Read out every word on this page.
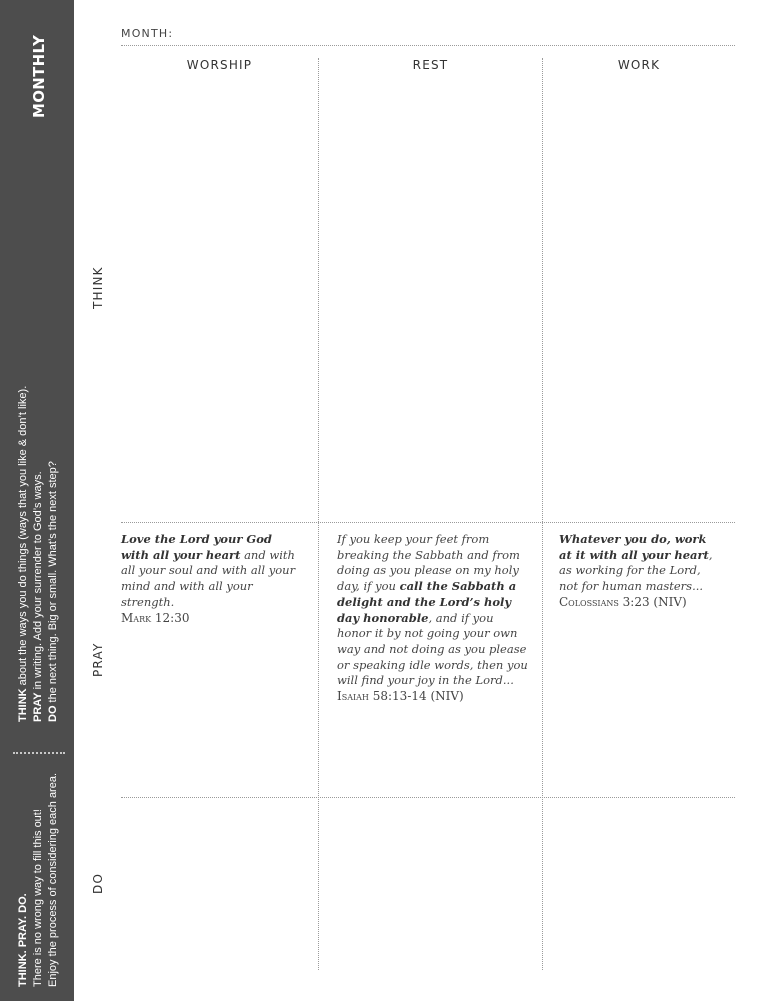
MONTHLY
THINK about the ways you do things (ways that you like & don’t like).
PRAY in writing. Add your surrender to God’s ways.
DO the next thing. Big or small. What’s the next step?
THINK. PRAY. DO. There is no wrong way to fill this out! Enjoy the process of considering each area.
MONTH:
WORSHIP	REST	WORK
THINK
PRAY
DO
Love the Lord your God with all your heart and with all your soul and with all your mind and with all your strength.
Mark 12:30
If you keep your feet from breaking the Sabbath and from doing as you please on my holy day, if you call the Sabbath a delight and the Lord’s holy day honorable, and if you honor it by not going your own way and not doing as you please or speaking idle words, then you will find your joy in the Lord...
Isaiah 58:13-14 (NIV)
Whatever you do, work at it with all your heart, as working for the Lord, not for human masters...
Colossians 3:23 (NIV)
